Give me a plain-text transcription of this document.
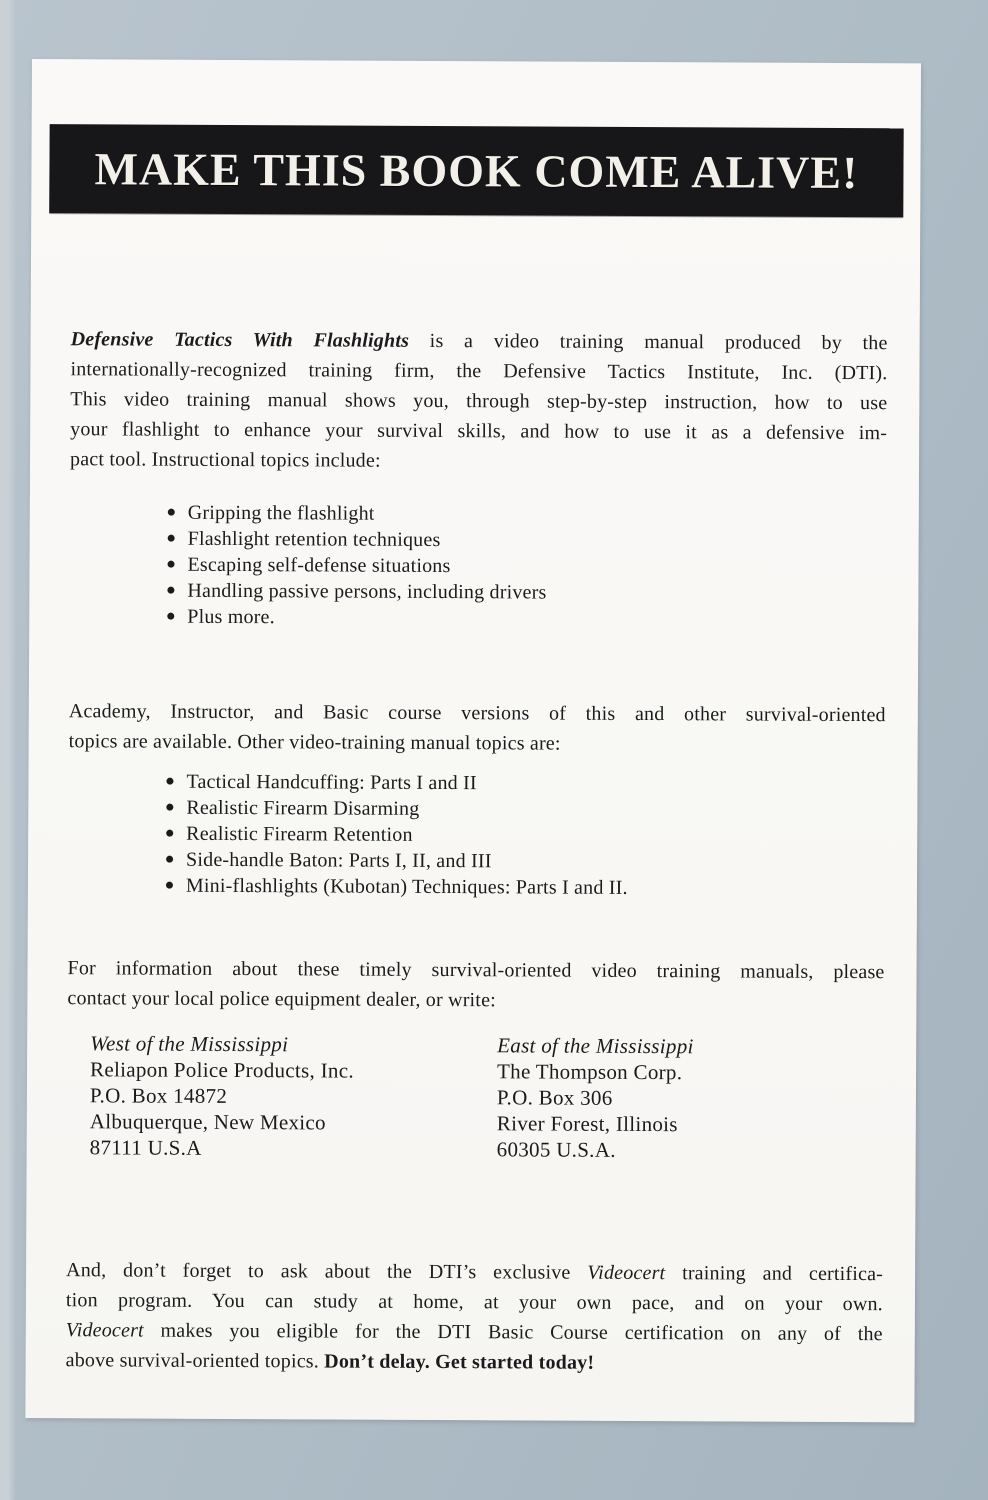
MAKE THIS BOOK COME ALIVE!
Defensive Tactics With Flashlights is a video training manual produced by the
internationally-recognized training firm, the Defensive Tactics Institute, Inc. (DTI).
This video training manual shows you, through step-by-step instruction, how to use
your flashlight to enhance your survival skills, and how to use it as a defensive im-
pact tool. Instructional topics include:
Gripping the flashlight
Flashlight retention techniques
Escaping self-defense situations
Handling passive persons, including drivers
Plus more.
Academy, Instructor, and Basic course versions of this and other survival-oriented
topics are available. Other video-training manual topics are:
Tactical Handcuffing: Parts I and II
Realistic Firearm Disarming
Realistic Firearm Retention
Side-handle Baton: Parts I, II, and III
Mini-flashlights (Kubotan) Techniques: Parts I and II.
For information about these timely survival-oriented video training manuals, please
contact your local police equipment dealer, or write:
West of the Mississippi
Reliapon Police Products, Inc.
P.O. Box 14872
Albuquerque, New Mexico
87111 U.S.A
East of the Mississippi
The Thompson Corp.
P.O. Box 306
River Forest, Illinois
60305 U.S.A.
And, don’t forget to ask about the DTI’s exclusive Videocert training and certifica-
tion program. You can study at home, at your own pace, and on your own.
Videocert makes you eligible for the DTI Basic Course certification on any of the
above survival-oriented topics. Don’t delay. Get started today!
